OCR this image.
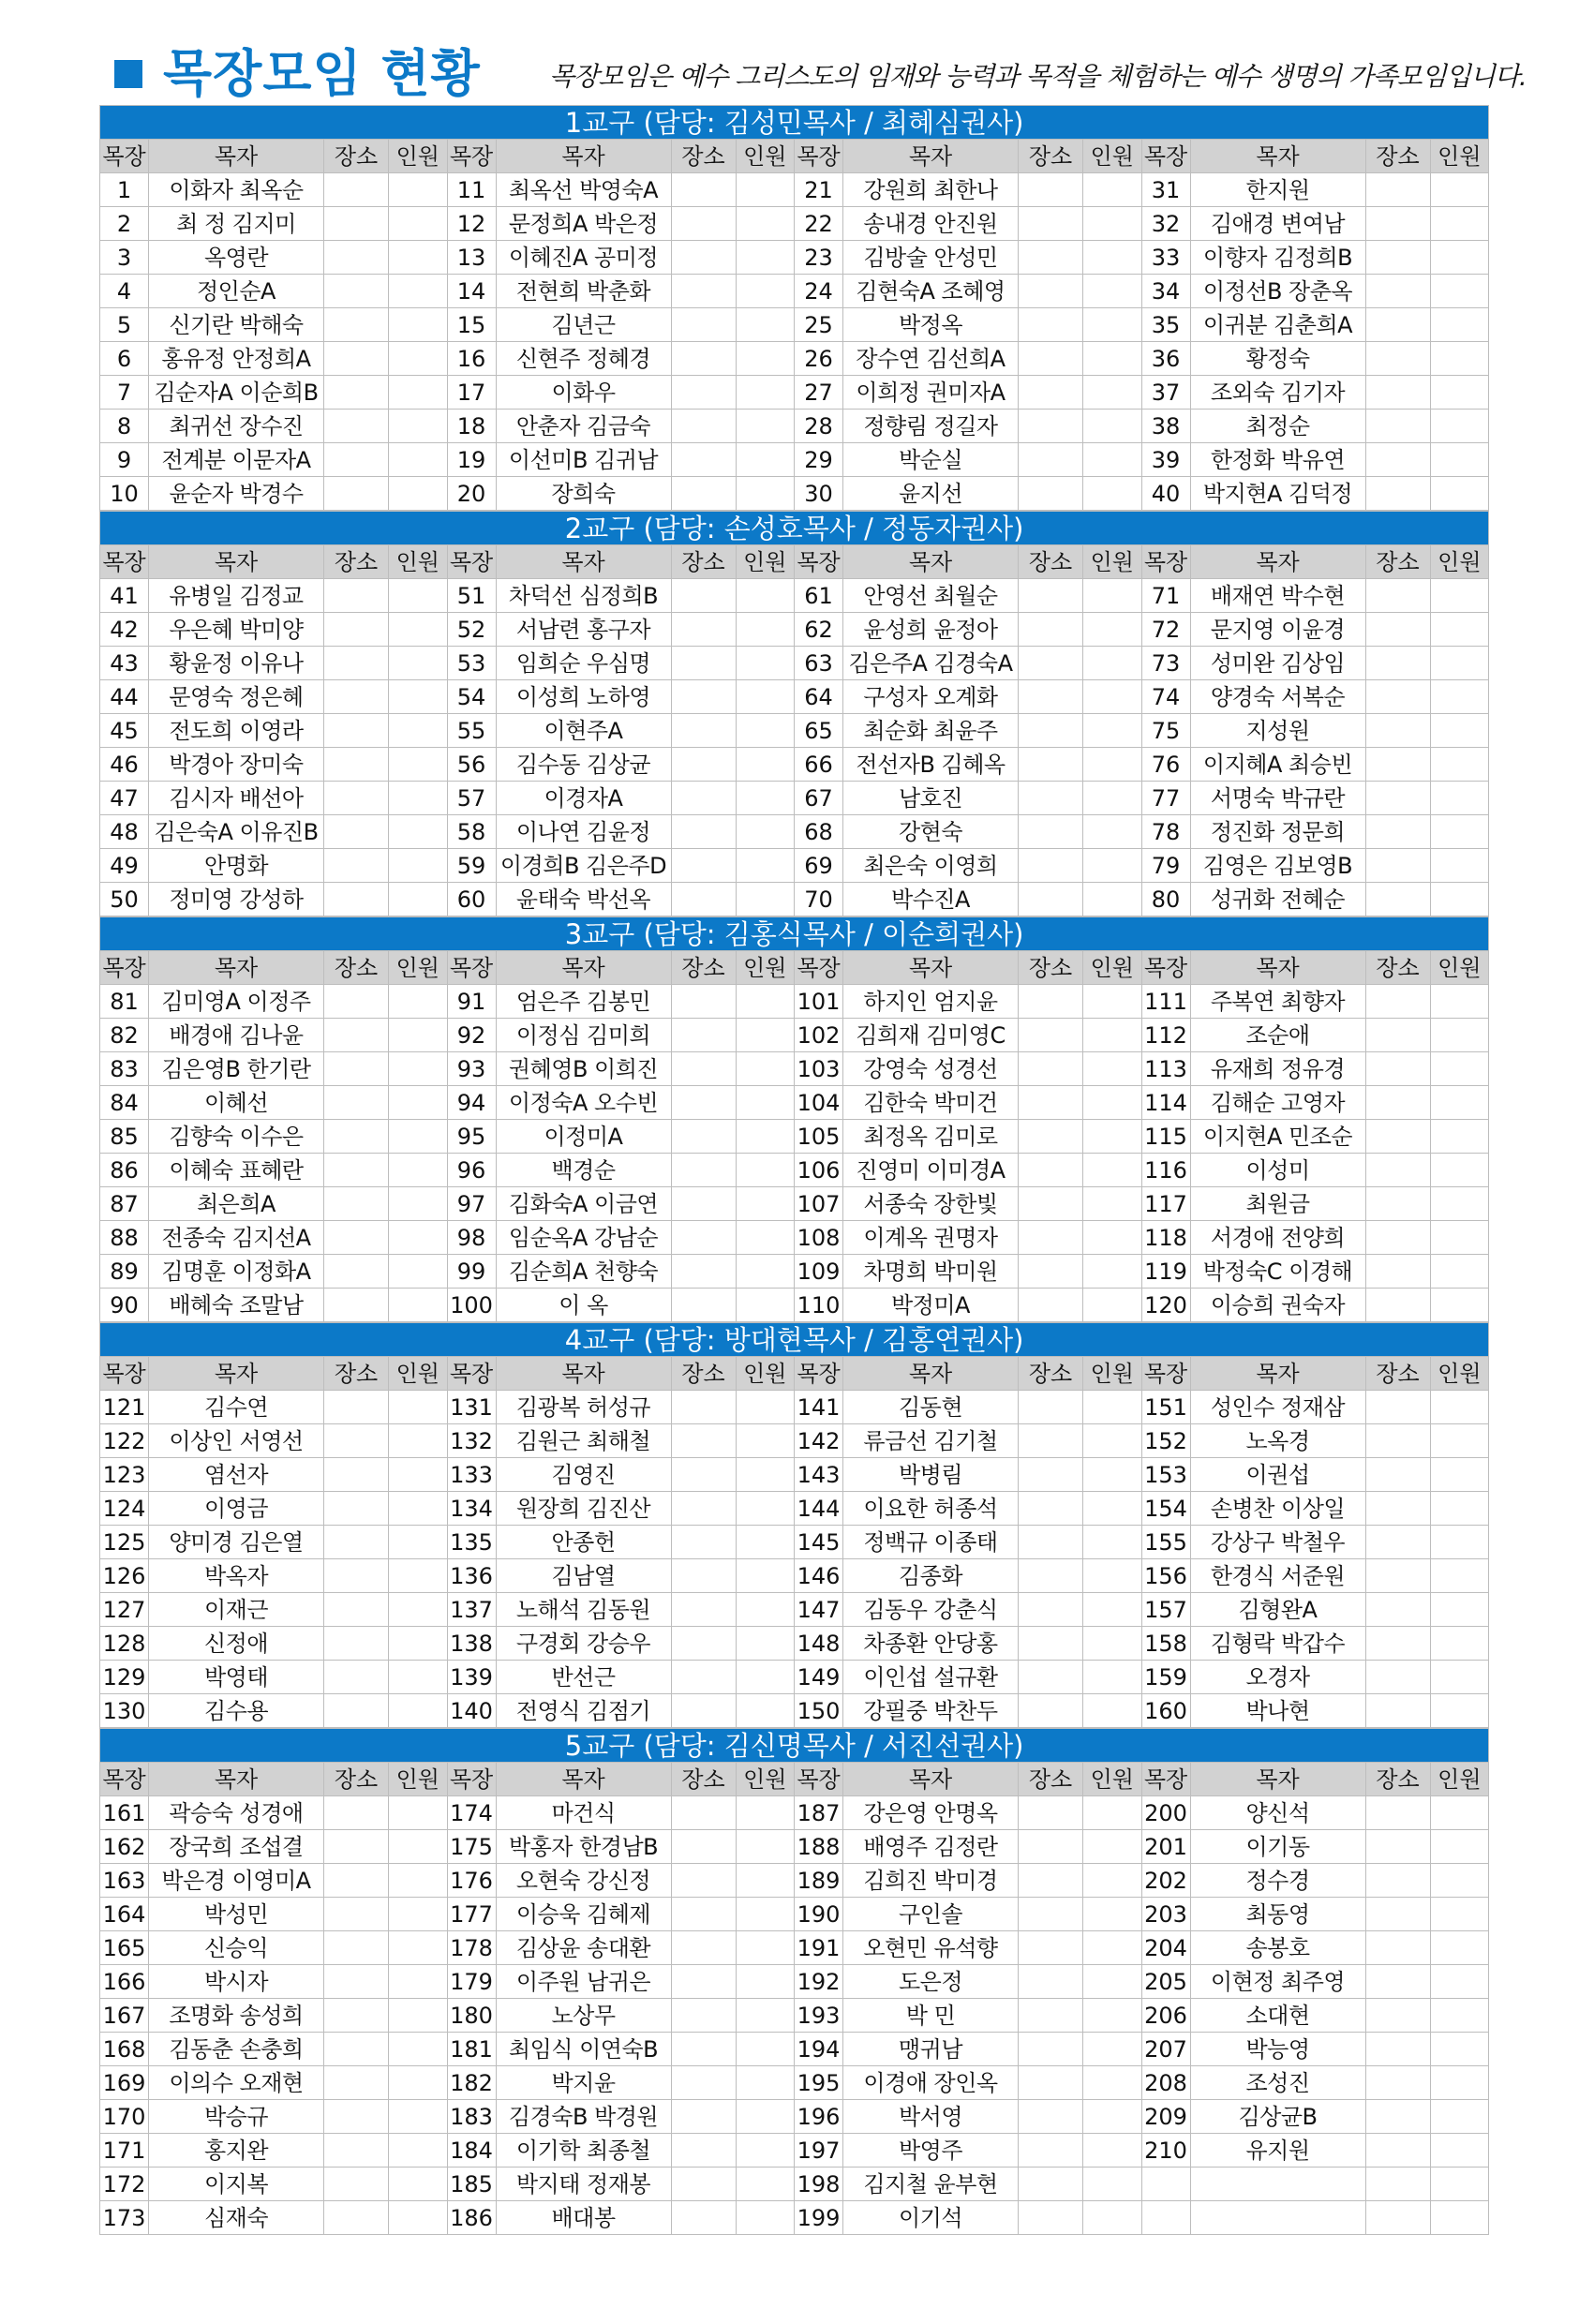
목장모임 현황	목장모임은 예수 그리스도의 임재와 능력과 목적을 체험하는 예수 생명의 가족모임입니다.
1교구 (담당: 김성민목사 / 최혜심권사)															
목장	목자	장소	인원	목장	목자	장소	인원	목장	목자	장소	인원	목장	목자	장소	인원
1	이화자 최옥순			11	최옥선 박영숙A			21	강원희 최한나			31	한지원		
2	최 정 김지미			12	문정희A 박은정			22	송내경 안진원			32	김애경 변여남		
3	옥영란			13	이혜진A 공미정			23	김방술 안성민			33	이향자 김정희B		
4	정인순A			14	전현희 박춘화			24	김현숙A 조혜영			34	이정선B 장춘옥		
5	신기란 박해숙			15	김년근			25	박정옥			35	이귀분 김춘희A		
6	홍유정 안정희A			16	신현주 정혜경			26	장수연 김선희A			36	황정숙		
7	김순자A 이순희B			17	이화우			27	이희정 권미자A			37	조외숙 김기자		
8	최귀선 장수진			18	안춘자 김금숙			28	정향림 정길자			38	최정순		
9	전계분 이문자A			19	이선미B 김귀남			29	박순실			39	한정화 박유연		
10	윤순자 박경수			20	장희숙			30	윤지선			40	박지현A 김덕정		
2교구 (담당: 손성호목사 / 정동자권사)															
목장	목자	장소	인원	목장	목자	장소	인원	목장	목자	장소	인원	목장	목자	장소	인원
41	유병일 김정교			51	차덕선 심정희B			61	안영선 최월순			71	배재연 박수현		
42	우은혜 박미양			52	서남련 홍구자			62	윤성희 윤정아			72	문지영 이윤경		
43	황윤정 이유나			53	임희순 우심명			63	김은주A 김경숙A			73	성미완 김상임		
44	문영숙 정은혜			54	이성희 노하영			64	구성자 오계화			74	양경숙 서복순		
45	전도희 이영라			55	이현주A			65	최순화 최윤주			75	지성원		
46	박경아 장미숙			56	김수동 김상균			66	전선자B 김혜옥			76	이지혜A 최승빈		
47	김시자 배선아			57	이경자A			67	남호진			77	서명숙 박규란		
48	김은숙A 이유진B			58	이나연 김윤정			68	강현숙			78	정진화 정문희		
49	안명화			59	이경희B 김은주D			69	최은숙 이영희			79	김영은 김보영B		
50	정미영 강성하			60	윤태숙 박선옥			70	박수진A			80	성귀화 전혜순		
3교구 (담당: 김홍식목사 / 이순희권사)															
목장	목자	장소	인원	목장	목자	장소	인원	목장	목자	장소	인원	목장	목자	장소	인원
81	김미영A 이정주			91	엄은주 김봉민			101	하지인 엄지윤			111	주복연 최향자		
82	배경애 김나윤			92	이정심 김미희			102	김희재 김미영C			112	조순애		
83	김은영B 한기란			93	권혜영B 이희진			103	강영숙 성경선			113	유재희 정유경		
84	이혜선			94	이정숙A 오수빈			104	김한숙 박미건			114	김해순 고영자		
85	김향숙 이수은			95	이정미A			105	최정옥 김미로			115	이지현A 민조순		
86	이혜숙 표혜란			96	백경순			106	진영미 이미경A			116	이성미		
87	최은희A			97	김화숙A 이금연			107	서종숙 장한빛			117	최원금		
88	전종숙 김지선A			98	임순옥A 강남순			108	이계옥 권명자			118	서경애 전양희		
89	김명훈 이정화A			99	김순희A 천향숙			109	차명희 박미원			119	박정숙C 이경해		
90	배혜숙 조말남			100	이 옥			110	박정미A			120	이승희 권숙자		
4교구 (담당: 방대현목사 / 김홍연권사)															
목장	목자	장소	인원	목장	목자	장소	인원	목장	목자	장소	인원	목장	목자	장소	인원
121	김수연			131	김광복 허성규			141	김동현			151	성인수 정재삼		
122	이상인 서영선			132	김원근 최해철			142	류금선 김기철			152	노옥경		
123	염선자			133	김영진			143	박병림			153	이권섭		
124	이영금			134	원장희 김진산			144	이요한 허종석			154	손병찬 이상일		
125	양미경 김은열			135	안종헌			145	정백규 이종태			155	강상구 박철우		
126	박옥자			136	김남열			146	김종화			156	한경식 서준원		
127	이재근			137	노해석 김동원			147	김동우 강춘식			157	김형완A		
128	신정애			138	구경회 강승우			148	차종환 안당홍			158	김형락 박갑수		
129	박영태			139	반선근			149	이인섭 설규환			159	오경자		
130	김수용			140	전영식 김점기			150	강필중 박찬두			160	박나현		
5교구 (담당: 김신명목사 / 서진선권사)															
목장	목자	장소	인원	목장	목자	장소	인원	목장	목자	장소	인원	목장	목자	장소	인원
161	곽승숙 성경애			174	마건식			187	강은영 안명옥			200	양신석		
162	장국희 조섭결			175	박홍자 한경남B			188	배영주 김정란			201	이기동		
163	박은경 이영미A			176	오현숙 강신정			189	김희진 박미경			202	정수경		
164	박성민			177	이승욱 김혜제			190	구인솔			203	최동영		
165	신승익			178	김상윤 송대환			191	오현민 유석향			204	송봉호		
166	박시자			179	이주원 남귀은			192	도은정			205	이현정 최주영		
167	조명화 송성희			180	노상무			193	박 민			206	소대현		
168	김동춘 손충희			181	최임식 이연숙B			194	맹귀남			207	박능영		
169	이의수 오재현			182	박지윤			195	이경애 장인옥			208	조성진		
170	박승규			183	김경숙B 박경원			196	박서영			209	김상균B		
171	홍지완			184	이기학 최종철			197	박영주			210	유지원		
172	이지복			185	박지태 정재봉			198	김지철 윤부현						
173	심재숙			186	배대봉			199	이기석						
